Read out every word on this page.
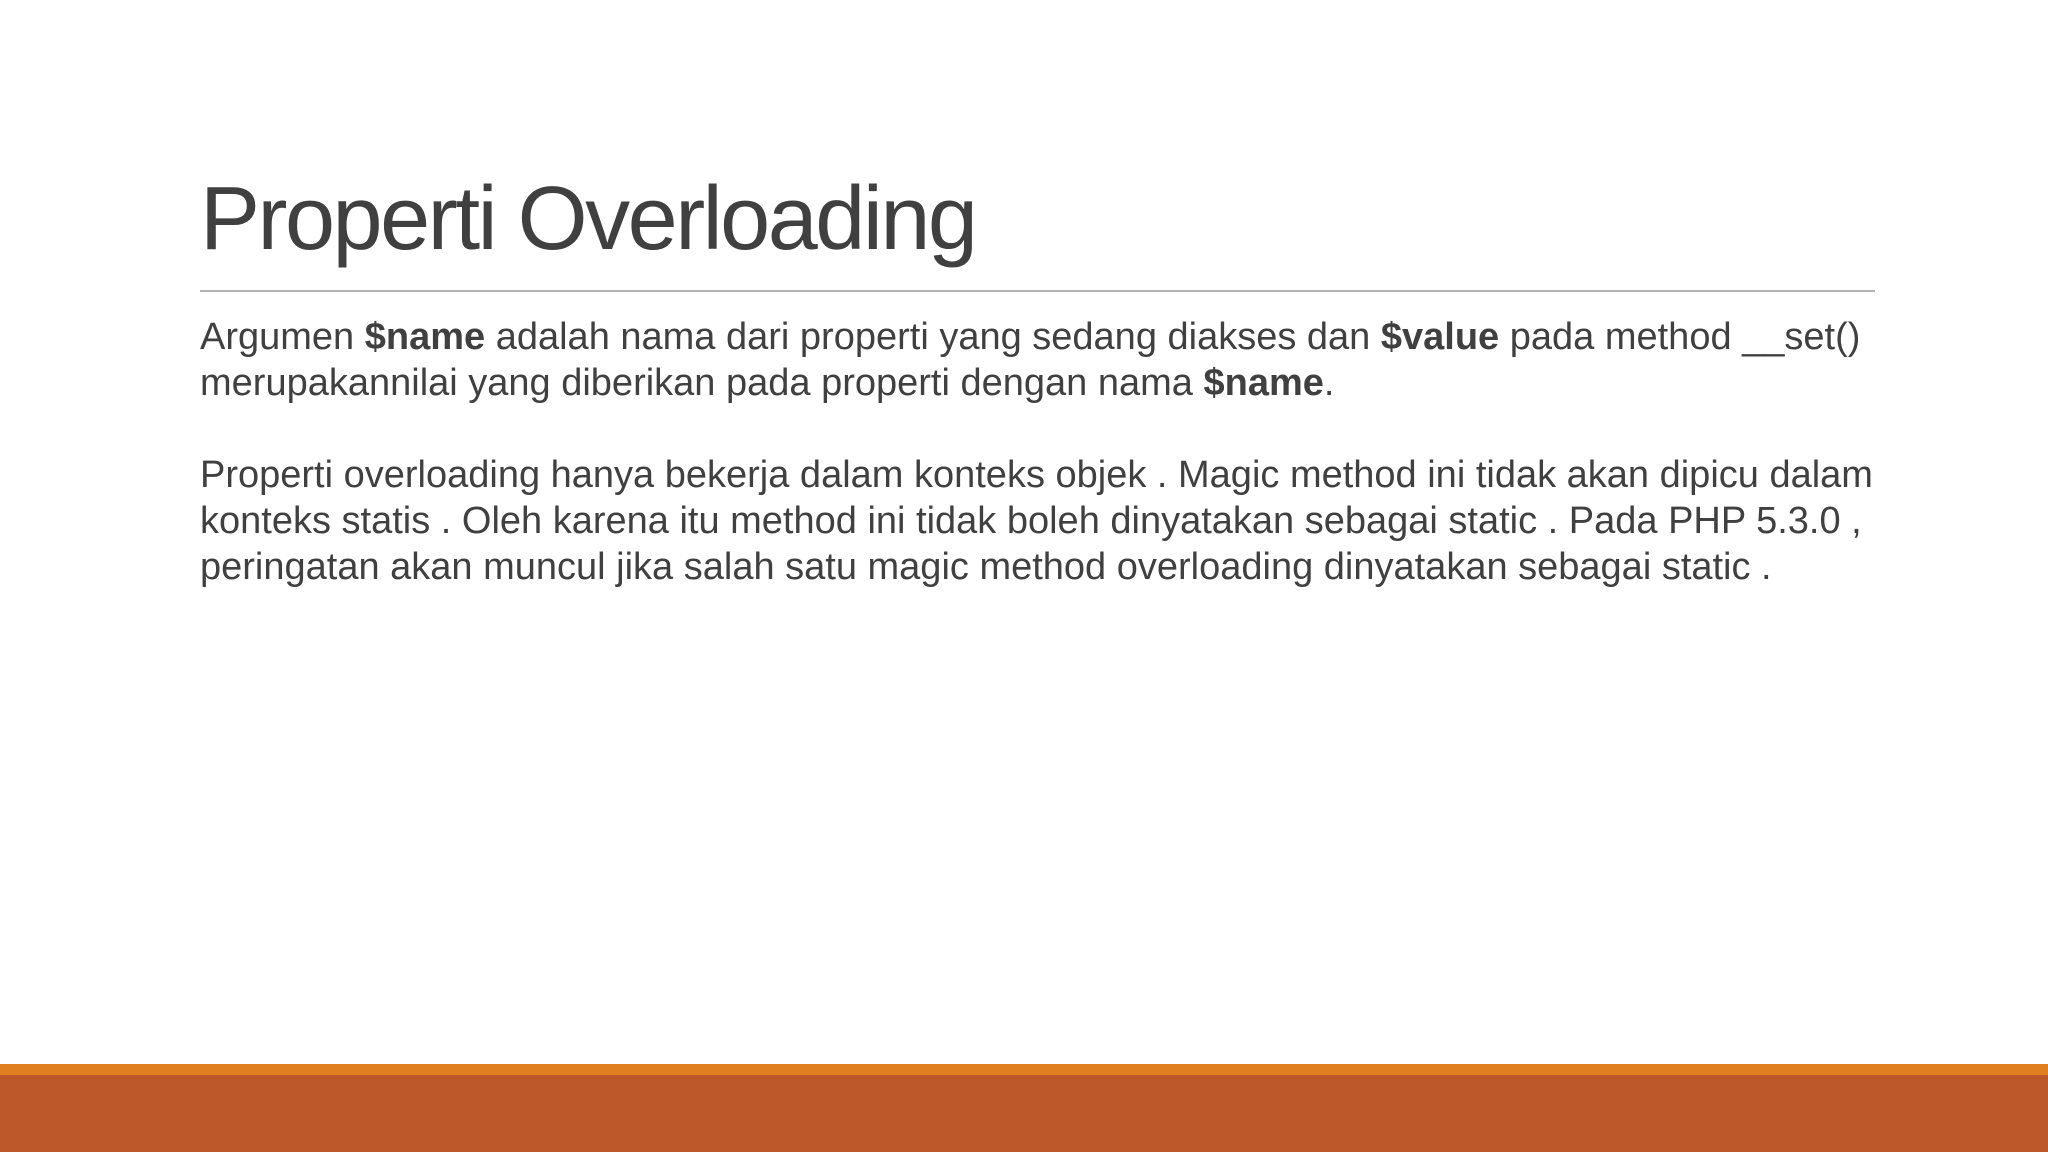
Properti Overloading

Argumen $name adalah nama dari properti yang sedang diakses dan $value pada method __set() merupakannilai yang diberikan pada properti dengan nama $name.

Properti overloading hanya bekerja dalam konteks objek . Magic method ini tidak akan dipicu dalam konteks statis . Oleh karena itu method ini tidak boleh dinyatakan sebagai static . Pada PHP 5.3.0 , peringatan akan muncul jika salah satu magic method overloading dinyatakan sebagai static .
